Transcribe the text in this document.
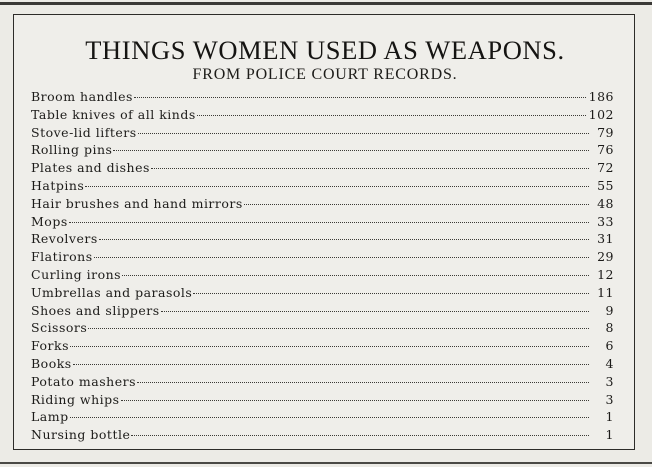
THINGS WOMEN USED AS WEAPONS.
FROM POLICE COURT RECORDS.
Broom handles	186
Table knives of all kinds	102
Stove-lid lifters	79
Rolling pins	76
Plates and dishes	72
Hatpins	55
Hair brushes and hand mirrors	48
Mops	33
Revolvers	31
Flatirons	29
Curling irons	12
Umbrellas and parasols	11
Shoes and slippers	9
Scissors	8
Forks	6
Books	4
Potato mashers	3
Riding whips	3
Lamp	1
Nursing bottle	1
